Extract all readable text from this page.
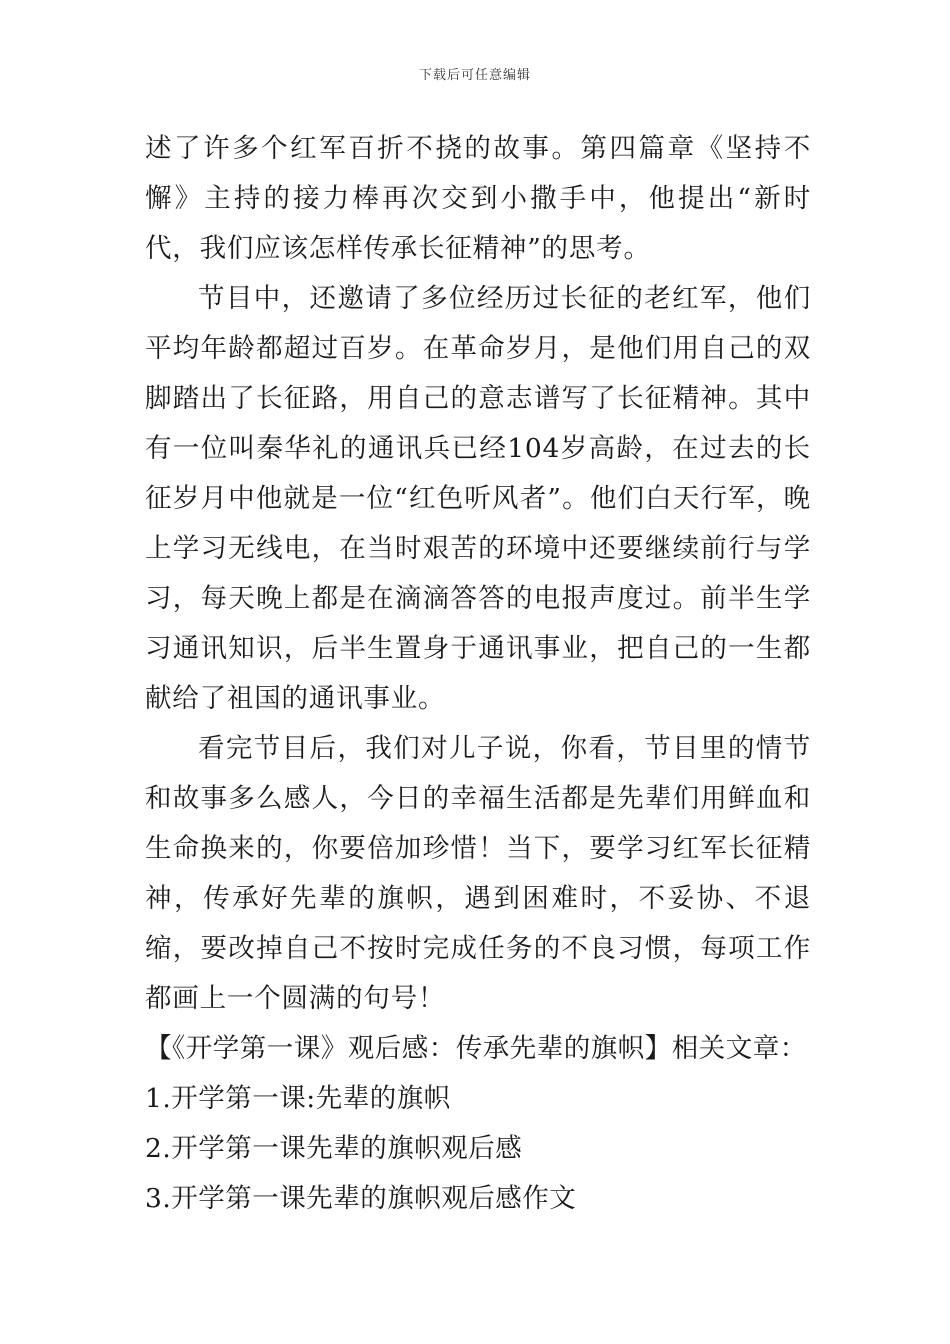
下载后可任意编辑

述了许多个红军百折不挠的故事。第四篇章《坚持不懈》主持的接力棒再次交到小撒手中，他提出“新时代，我们应该怎样传承长征精神”的思考。

节目中，还邀请了多位经历过长征的老红军，他们平均年龄都超过百岁。在革命岁月，是他们用自己的双脚踏出了长征路，用自己的意志谱写了长征精神。其中有一位叫秦华礼的通讯兵已经104岁高龄，在过去的长征岁月中他就是一位“红色听风者”。他们白天行军，晚上学习无线电，在当时艰苦的环境中还要继续前行与学习，每天晚上都是在滴滴答答的电报声度过。前半生学习通讯知识，后半生置身于通讯事业，把自己的一生都献给了祖国的通讯事业。

看完节目后，我们对儿子说，你看，节目里的情节和故事多么感人，今日的幸福生活都是先辈们用鲜血和生命换来的，你要倍加珍惜！当下，要学习红军长征精神，传承好先辈的旗帜，遇到困难时，不妥协、不退缩，要改掉自己不按时完成任务的不良习惯，每项工作都画上一个圆满的句号！

【《开学第一课》观后感：传承先辈的旗帜】相关文章：

1.开学第一课:先辈的旗帜

2.开学第一课先辈的旗帜观后感

3.开学第一课先辈的旗帜观后感作文
